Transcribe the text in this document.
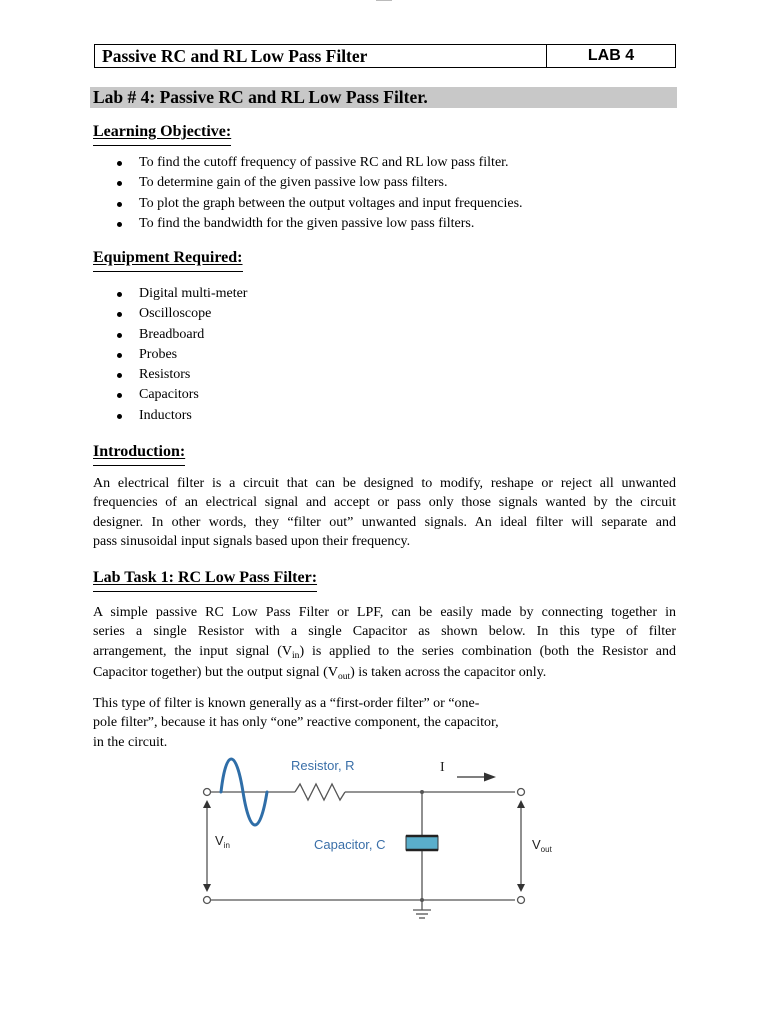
Passive RC and RL Low Pass Filter	LAB 4
Lab # 4: Passive RC and RL Low Pass Filter.
Learning Objective:
To find the cutoff frequency of passive RC and RL low pass filter.
To determine gain of the given passive low pass filters.
To plot the graph between the output voltages and input frequencies.
To find the bandwidth for the given passive low pass filters.
Equipment Required:
Digital multi-meter
Oscilloscope
Breadboard
Probes
Resistors
Capacitors
Inductors
Introduction:
An electrical filter is a circuit that can be designed to modify, reshape or reject all unwanted
frequencies of an electrical signal and accept or pass only those signals wanted by the circuit
designer. In other words, they “filter out” unwanted signals. An ideal filter will separate and
pass sinusoidal input signals based upon their frequency.
Lab Task 1: RC Low Pass Filter:
A simple passive RC Low Pass Filter or LPF, can be easily made by connecting together in
series a single Resistor with a single Capacitor as shown below. In this type of filter
arrangement, the input signal $(V_{in})$ is applied to the series combination (both the Resistor and
Capacitor together) but the output signal $(V_{out})$ is taken across the capacitor only.
This type of filter is known generally as a “first-order filter” or “one-
pole filter”, because it has only “one” reactive component, the capacitor,
in the circuit.
Resistor, R	I
Capacitor, C
$V_{in}$	$V_{out}$
